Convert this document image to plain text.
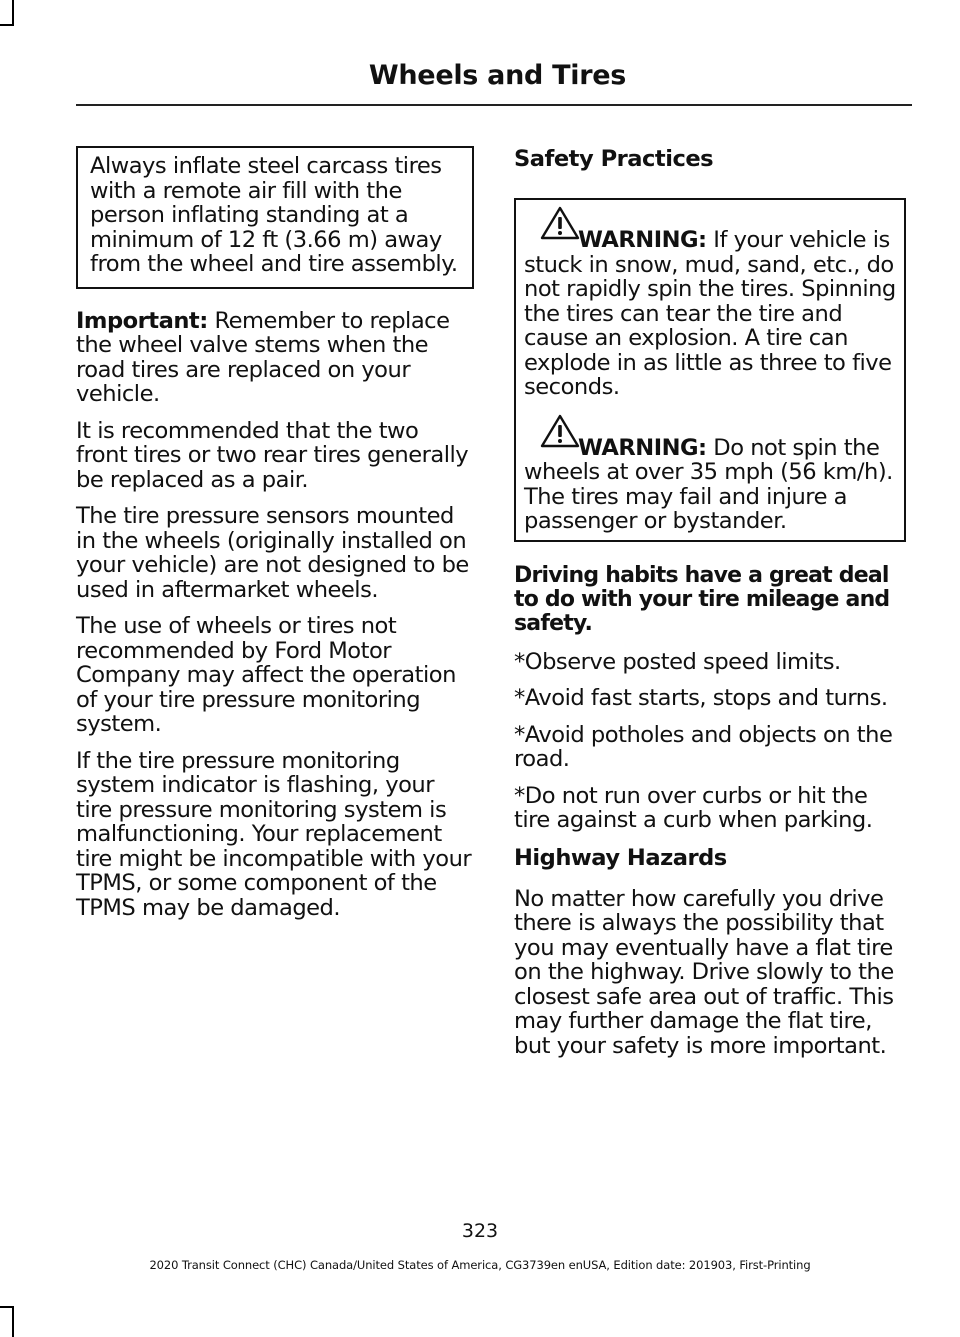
Wheels and Tires

Always inflate steel carcass tires with a remote air fill with the person inflating standing at a minimum of 12 ft (3.66 m) away from the wheel and tire assembly.

Important: Remember to replace the wheel valve stems when the road tires are replaced on your vehicle.

It is recommended that the two front tires or two rear tires generally be replaced as a pair.

The tire pressure sensors mounted in the wheels (originally installed on your vehicle) are not designed to be used in aftermarket wheels.

The use of wheels or tires not recommended by Ford Motor Company may affect the operation of your tire pressure monitoring system.

If the tire pressure monitoring system indicator is flashing, your tire pressure monitoring system is malfunctioning. Your replacement tire might be incompatible with your TPMS, or some component of the TPMS may be damaged.

Safety Practices

WARNING: If your vehicle is stuck in snow, mud, sand, etc., do not rapidly spin the tires. Spinning the tires can tear the tire and cause an explosion. A tire can explode in as little as three to five seconds.

WARNING: Do not spin the wheels at over 35 mph (56 km/h). The tires may fail and injure a passenger or bystander.

Driving habits have a great deal to do with your tire mileage and safety.

*Observe posted speed limits.

*Avoid fast starts, stops and turns.

*Avoid potholes and objects on the road.

*Do not run over curbs or hit the tire against a curb when parking.

Highway Hazards

No matter how carefully you drive there is always the possibility that you may eventually have a flat tire on the highway. Drive slowly to the closest safe area out of traffic. This may further damage the flat tire, but your safety is more important.

323
2020 Transit Connect (CHC) Canada/United States of America, CG3739en enUSA, Edition date: 201903, First-Printing
